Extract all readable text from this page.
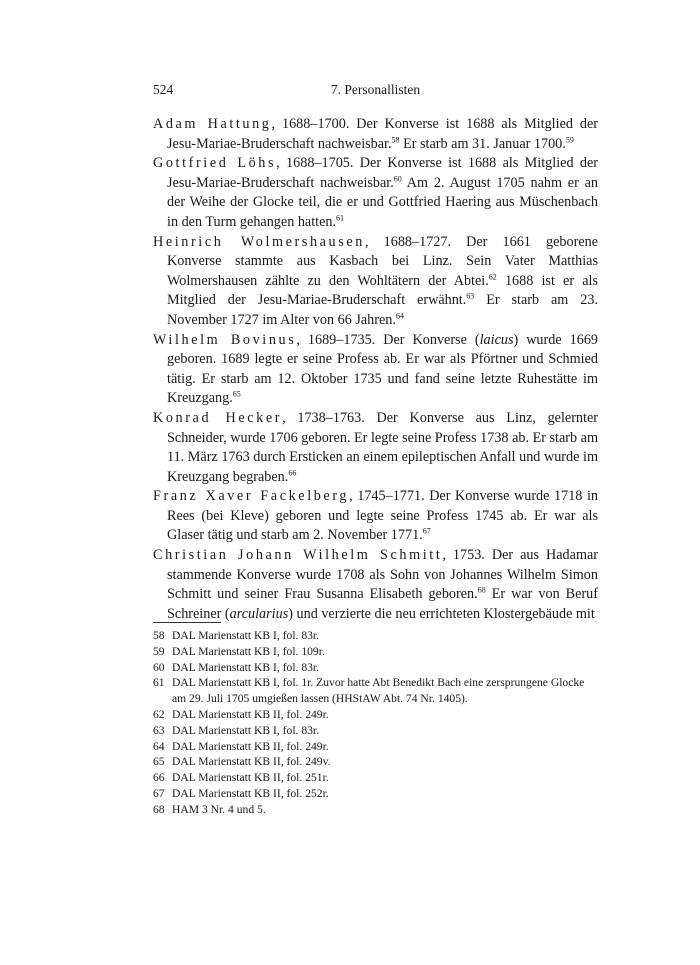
524	7. Personallisten

Adam Hattung, 1688–1700. Der Konverse ist 1688 als Mitglied der Jesu-Mariae-Bruderschaft nachweisbar.$^{58}$ Er starb am 31. Januar 1700.59

Gottfried Löhs, 1688–1705. Der Konverse ist 1688 als Mitglied der Jesu-Mariae-Bruderschaft nachweisbar.$^{60}$ Am 2. August 1705 nahm er an der Weihe der Glocke teil, die er und Gottfried Haering aus Müschenbach in den Turm gehangen hatten.$^{61}$

Heinrich Wolmershausen, 1688–1727. Der 1661 geborene Konverse stammte aus Kasbach bei Linz. Sein Vater Matthias Wolmershausen zählte zu den Wohltätern der Abtei.$^{62}$ 1688 ist er als Mitglied der Jesu-Mariae-Bruderschaft erwähnt.$^{63}$ Er starb am 23. November 1727 im Alter von 66 Jahren.$^{64}$

Wilhelm Bovinus, 1689–1735. Der Konverse (laicus) wurde 1669 geboren. 1689 legte er seine Profess ab. Er war als Pförtner und Schmied tätig. Er starb am 12. Oktober 1735 und fand seine letzte Ruhestätte im Kreuzgang.$^{65}$

Konrad Hecker, 1738–1763. Der Konverse aus Linz, gelernter Schneider, wurde 1706 geboren. Er legte seine Profess 1738 ab. Er starb am 11. März 1763 durch Ersticken an einem epileptischen Anfall und wurde im Kreuzgang begraben.$^{66}$

Franz Xaver Fackelberg, 1745–1771. Der Konverse wurde 1718 in Rees (bei Kleve) geboren und legte seine Profess 1745 ab. Er war als Glaser tätig und starb am 2. November 1771.67

Christian Johann Wilhelm Schmitt, 1753. Der aus Hadamar stammende Konverse wurde 1708 als Sohn von Johannes Wilhelm Simon Schmitt und seiner Frau Susanna Elisabeth geboren.$^{68}$ Er war von Beruf Schreiner (arcularius) und verzierte die neu errichteten Klostergebäude mit

58 DAL Marienstatt KB I, fol. 83r.
59 DAL Marienstatt KB I, fol. 109r.
60 DAL Marienstatt KB I, fol. 83r.
61 DAL Marienstatt KB I, fol. 1r. Zuvor hatte Abt Benedikt Bach eine zersprungene Glocke am 29. Juli 1705 umgießen lassen (HHStAW Abt. 74 Nr. 1405).
62 DAL Marienstatt KB II, fol. 249r.
63 DAL Marienstatt KB I, fol. 83r.
64 DAL Marienstatt KB II, fol. 249r.
65 DAL Marienstatt KB II, fol. 249v.
66 DAL Marienstatt KB II, fol. 251r.
67 DAL Marienstatt KB II, fol. 252r.
68 HAM 3 Nr. 4 und 5.
